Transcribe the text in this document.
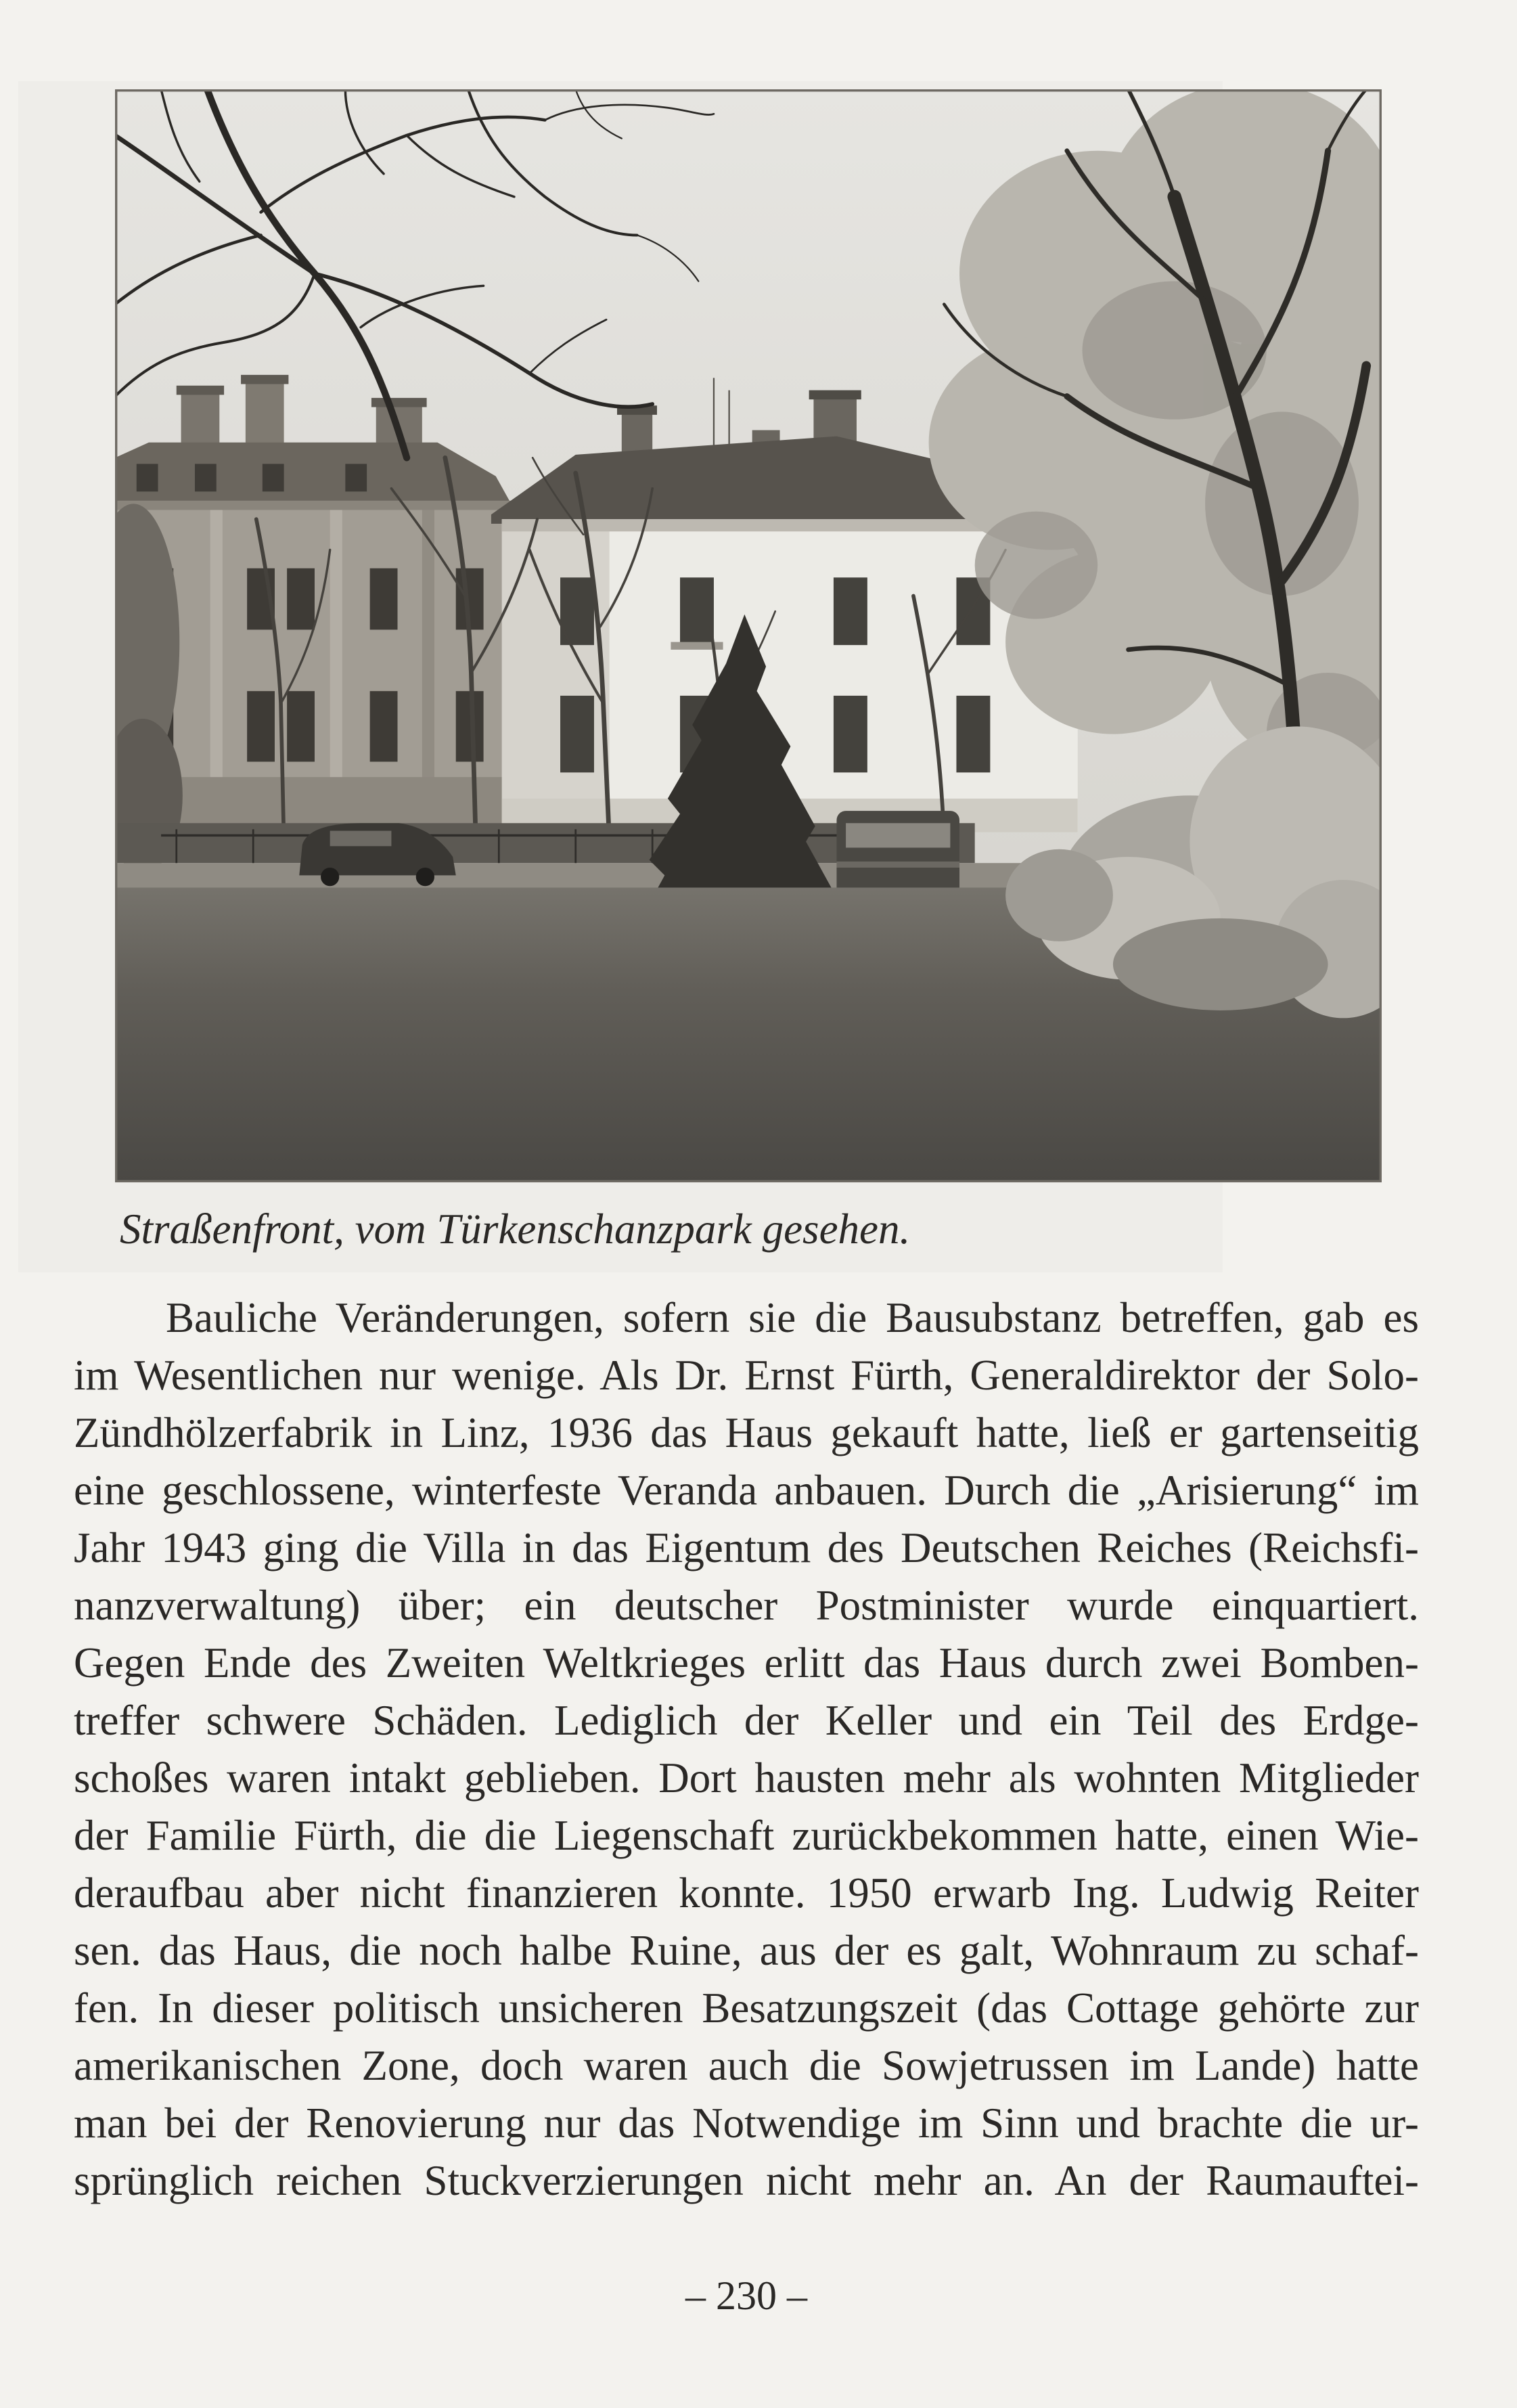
Straßenfront, vom Türkenschanzpark gesehen.
Bauliche Veränderungen, sofern sie die Bausubstanz betreffen, gab es
im Wesentlichen nur wenige. Als Dr. Ernst Fürth, Generaldirektor der Solo-
Zündhölzerfabrik in Linz, 1936 das Haus gekauft hatte, ließ er gartenseitig
eine geschlossene, winterfeste Veranda anbauen. Durch die „Arisierung“ im
Jahr 1943 ging die Villa in das Eigentum des Deutschen Reiches (Reichsfi-
nanzverwaltung) über; ein deutscher Postminister wurde einquartiert.
Gegen Ende des Zweiten Weltkrieges erlitt das Haus durch zwei Bomben-
treffer schwere Schäden. Lediglich der Keller und ein Teil des Erdge-
schoßes waren intakt geblieben. Dort hausten mehr als wohnten Mitglieder
der Familie Fürth, die die Liegenschaft zurückbekommen hatte, einen Wie-
deraufbau aber nicht finanzieren konnte. 1950 erwarb Ing. Ludwig Reiter
sen. das Haus, die noch halbe Ruine, aus der es galt, Wohnraum zu schaf-
fen. In dieser politisch unsicheren Besatzungszeit (das Cottage gehörte zur
amerikanischen Zone, doch waren auch die Sowjetrussen im Lande) hatte
man bei der Renovierung nur das Notwendige im Sinn und brachte die ur-
sprünglich reichen Stuckverzierungen nicht mehr an. An der Raumauftei-
– 230 –
